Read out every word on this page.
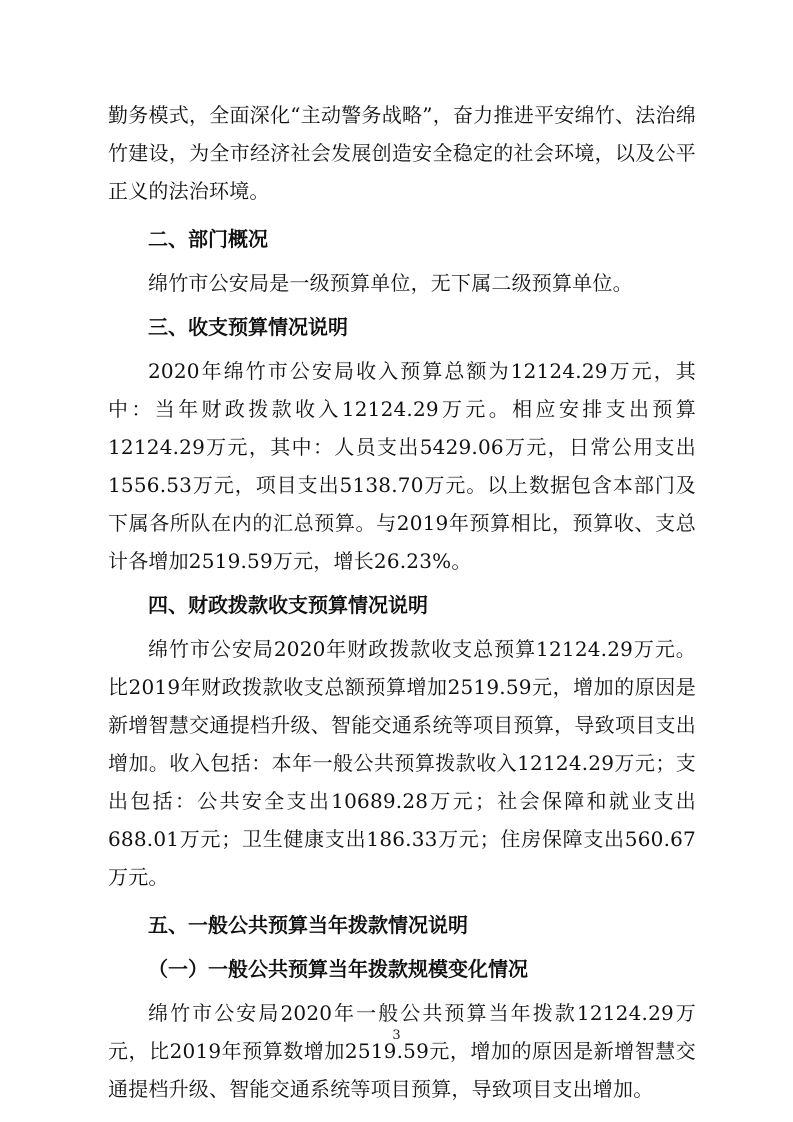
勤务模式，全面深化“主动警务战略”，奋力推进平安绵竹、法治绵竹建设，为全市经济社会发展创造安全稳定的社会环境，以及公平正义的法治环境。

二、部门概况

绵竹市公安局是一级预算单位，无下属二级预算单位。

三、收支预算情况说明

2020年绵竹市公安局收入预算总额为12124.29万元，其中：当年财政拨款收入12124.29万元。相应安排支出预算12124.29万元，其中：人员支出5429.06万元，日常公用支出1556.53万元，项目支出5138.70万元。以上数据包含本部门及下属各所队在内的汇总预算。与2019年预算相比，预算收、支总计各增加2519.59万元，增长26.23%。

四、财政拨款收支预算情况说明

绵竹市公安局2020年财政拨款收支总预算12124.29万元。比2019年财政拨款收支总额预算增加2519.59元，增加的原因是新增智慧交通提档升级、智能交通系统等项目预算，导致项目支出增加。收入包括：本年一般公共预算拨款收入12124.29万元；支出包括：公共安全支出10689.28万元；社会保障和就业支出688.01万元；卫生健康支出186.33万元；住房保障支出560.67万元。

五、一般公共预算当年拨款情况说明

（一）一般公共预算当年拨款规模变化情况

绵竹市公安局2020年一般公共预算当年拨款12124.29万元，比2019年预算数增加2519.59元，增加的原因是新增智慧交通提档升级、智能交通系统等项目预算，导致项目支出增加。

3
